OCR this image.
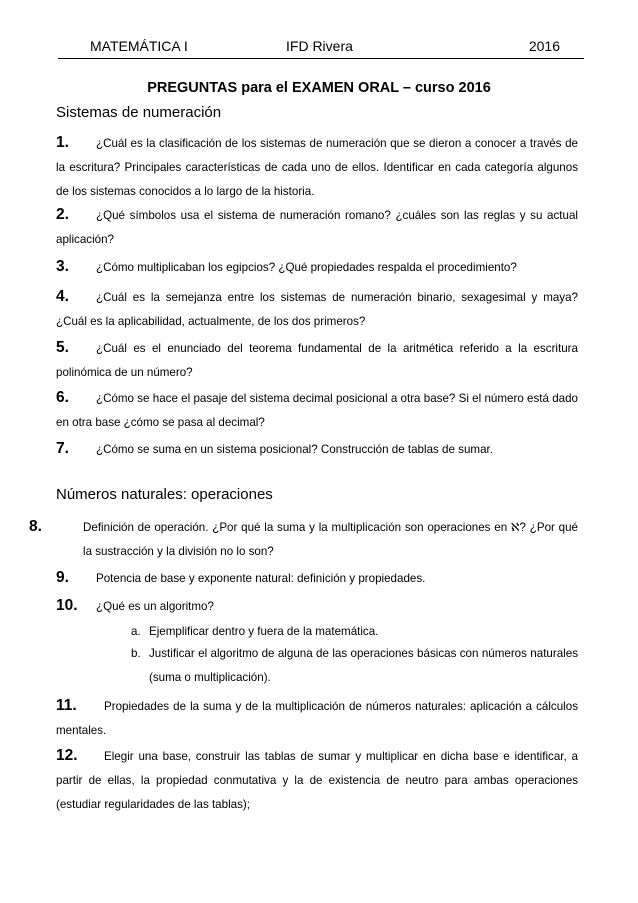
MATEMÁTICA I	IFD Rivera	2016
PREGUNTAS para el EXAMEN ORAL – curso 2016
Sistemas de numeración
1. ¿Cuál es la clasificación de los sistemas de numeración que se dieron a conocer a través de la escritura? Principales características de cada uno de ellos. Identificar en cada categoría algunos de los sistemas conocidos a lo largo de la historia.
2. ¿Qué símbolos usa el sistema de numeración romano? ¿cuáles son las reglas y su actual aplicación?
3. ¿Cómo multiplicaban los egipcios? ¿Qué propiedades respalda el procedimiento?
4. ¿Cuál es la semejanza entre los sistemas de numeración binario, sexagesimal y maya? ¿Cuál es la aplicabilidad, actualmente, de los dos primeros?
5. ¿Cuál es el enunciado del teorema fundamental de la aritmética referido a la escritura polinómica de un número?
6. ¿Cómo se hace el pasaje del sistema decimal posicional a otra base? Si el número está dado en otra base ¿cómo se pasa al decimal?
7. ¿Cómo se suma en un sistema posicional? Construcción de tablas de sumar.
Números naturales: operaciones
8.	Definición de operación. ¿Por qué la suma y la multiplicación son operaciones en ℵ? ¿Por qué la sustracción y la división no lo son?
9. Potencia de base y exponente natural: definición y propiedades.
10. ¿Qué es un algoritmo?
a. Ejemplificar dentro y fuera de la matemática.
b. Justificar el algoritmo de alguna de las operaciones básicas con números naturales (suma o multiplicación).
11. Propiedades de la suma y de la multiplicación de números naturales: aplicación a cálculos mentales.
12. Elegir una base, construir las tablas de sumar y multiplicar en dicha base e identificar, a partir de ellas, la propiedad conmutativa y la de existencia de neutro para ambas operaciones (estudiar regularidades de las tablas);
